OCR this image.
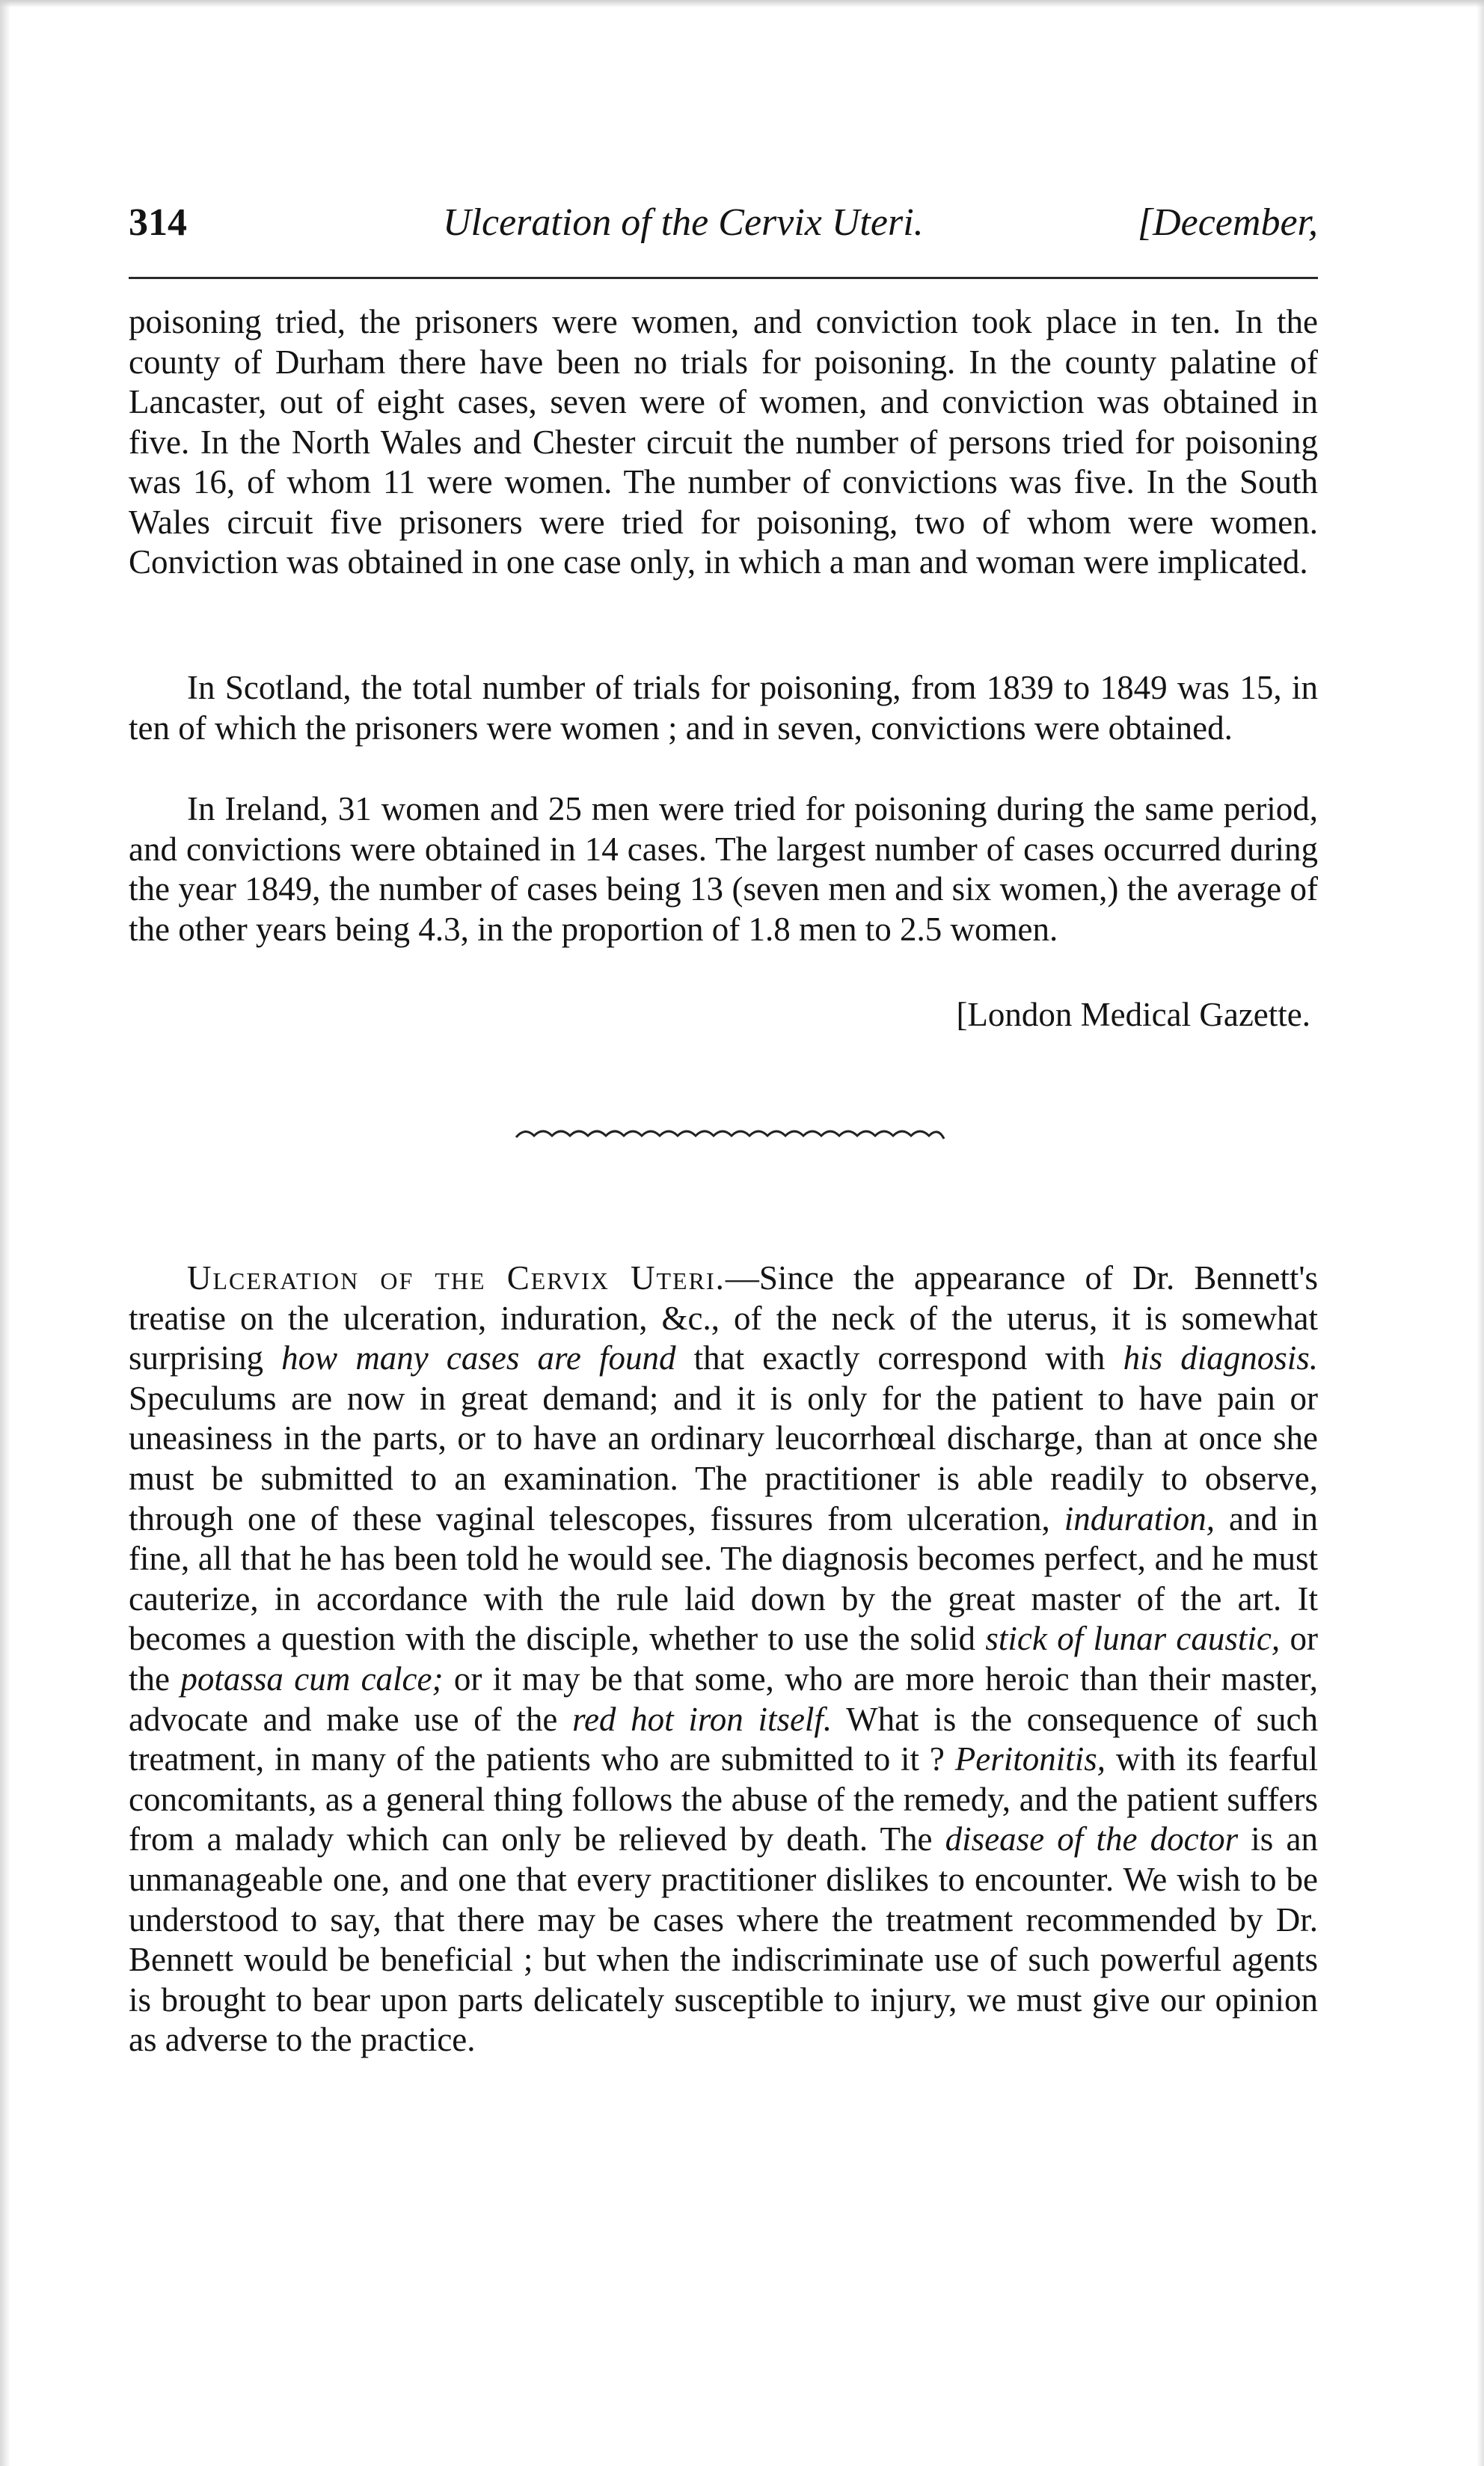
314	Ulceration of the Cervix Uteri.	[December,

poisoning tried, the prisoners were women, and conviction took place in ten. In the county of Durham there have been no trials for poisoning. In the county palatine of Lancaster, out of eight cases, seven were of women, and conviction was obtained in five. In the North Wales and Chester circuit the number of persons tried for poisoning was 16, of whom 11 were women. The number of convictions was five. In the South Wales circuit five prisoners were tried for poisoning, two of whom were women. Conviction was obtained in one case only, in which a man and woman were implicated.

In Scotland, the total number of trials for poisoning, from 1839 to 1849 was 15, in ten of which the prisoners were women ; and in seven, convictions were obtained.

In Ireland, 31 women and 25 men were tried for poisoning during the same period, and convictions were obtained in 14 cases. The largest number of cases occurred during the year 1849, the number of cases being 13 (seven men and six women,) the average of the other years being 4.3, in the proportion of 1.8 men to 2.5 women.

[London Medical Gazette.

Ulceration of the Cervix Uteri.—Since the appearance of Dr. Bennett's treatise on the ulceration, induration, &c., of the neck of the uterus, it is somewhat surprising how many cases are found that exactly correspond with his diagnosis. Speculums are now in great demand; and it is only for the patient to have pain or uneasiness in the parts, or to have an ordinary leucorrhœal discharge, than at once she must be submitted to an examination. The practitioner is able readily to observe, through one of these vaginal telescopes, fissures from ulceration, induration, and in fine, all that he has been told he would see. The diagnosis becomes perfect, and he must cauterize, in accordance with the rule laid down by the great master of the art. It becomes a question with the disciple, whether to use the solid stick of lunar caustic, or the potassa cum calce; or it may be that some, who are more heroic than their master, advocate and make use of the red hot iron itself. What is the consequence of such treatment, in many of the patients who are submitted to it ? Peritonitis, with its fearful concomitants, as a general thing follows the abuse of the remedy, and the patient suffers from a malady which can only be relieved by death. The disease of the doctor is an unmanageable one, and one that every practitioner dislikes to encounter. We wish to be understood to say, that there may be cases where the treatment recommended by Dr. Bennett would be beneficial ; but when the indiscriminate use of such powerful agents is brought to bear upon parts delicately susceptible to injury, we must give our opinion as adverse to the practice.
